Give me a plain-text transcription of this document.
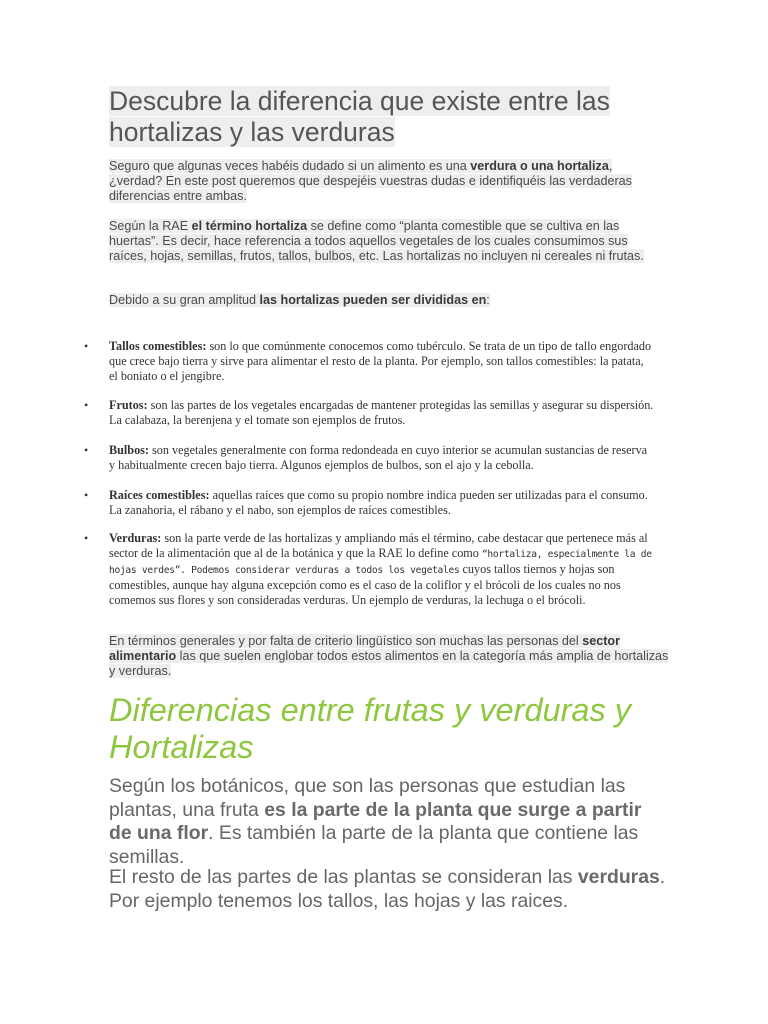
Descubre la diferencia que existe entre las
hortalizas y las verduras

Seguro que algunas veces habéis dudado si un alimento es una verdura o una hortaliza, ¿verdad? En este post queremos que despejéis vuestras dudas e identifiquéis las verdaderas diferencias entre ambas.

Según la RAE el término hortaliza se define como “planta comestible que se cultiva en las huertas”. Es decir, hace referencia a todos aquellos vegetales de los cuales consumimos sus raíces, hojas, semillas, frutos, tallos, bulbos, etc. Las hortalizas no incluyen ni cereales ni frutas.

Debido a su gran amplitud las hortalizas pueden ser divididas en:

• Tallos comestibles: son lo que comúnmente conocemos como tubérculo. Se trata de un tipo de tallo engordado que crece bajo tierra y sirve para alimentar el resto de la planta. Por ejemplo, son tallos comestibles: la patata, el boniato o el jengibre.
• Frutos: son las partes de los vegetales encargadas de mantener protegidas las semillas y asegurar su dispersión. La calabaza, la berenjena y el tomate son ejemplos de frutos.
• Bulbos: son vegetales generalmente con forma redondeada en cuyo interior se acumulan sustancias de reserva y habitualmente crecen bajo tierra. Algunos ejemplos de bulbos, son el ajo y la cebolla.
• Raíces comestibles: aquellas raíces que como su propio nombre indica pueden ser utilizadas para el consumo. La zanahoria, el rábano y el nabo, son ejemplos de raíces comestibles.
• Verduras: son la parte verde de las hortalizas y ampliando más el término, cabe destacar que pertenece más al sector de la alimentación que al de la botánica y que la RAE lo define como “hortaliza, especialmente la de hojas verdes”. Podemos considerar verduras a todos los vegetales cuyos tallos tiernos y hojas son comestibles, aunque hay alguna excepción como es el caso de la coliflor y el brócoli de los cuales no nos comemos sus flores y son consideradas verduras. Un ejemplo de verduras, la lechuga o el brócoli.

En términos generales y por falta de criterio lingüístico son muchas las personas del sector alimentario las que suelen englobar todos estos alimentos en la categoría más amplia de hortalizas y verduras.

Diferencias entre frutas y verduras y Hortalizas

Según los botánicos, que son las personas que estudian las plantas, una fruta es la parte de la planta que surge a partir de una flor. Es también la parte de la planta que contiene las semillas.

El resto de las partes de las plantas se consideran las verduras. Por ejemplo tenemos los tallos, las hojas y las raices.
